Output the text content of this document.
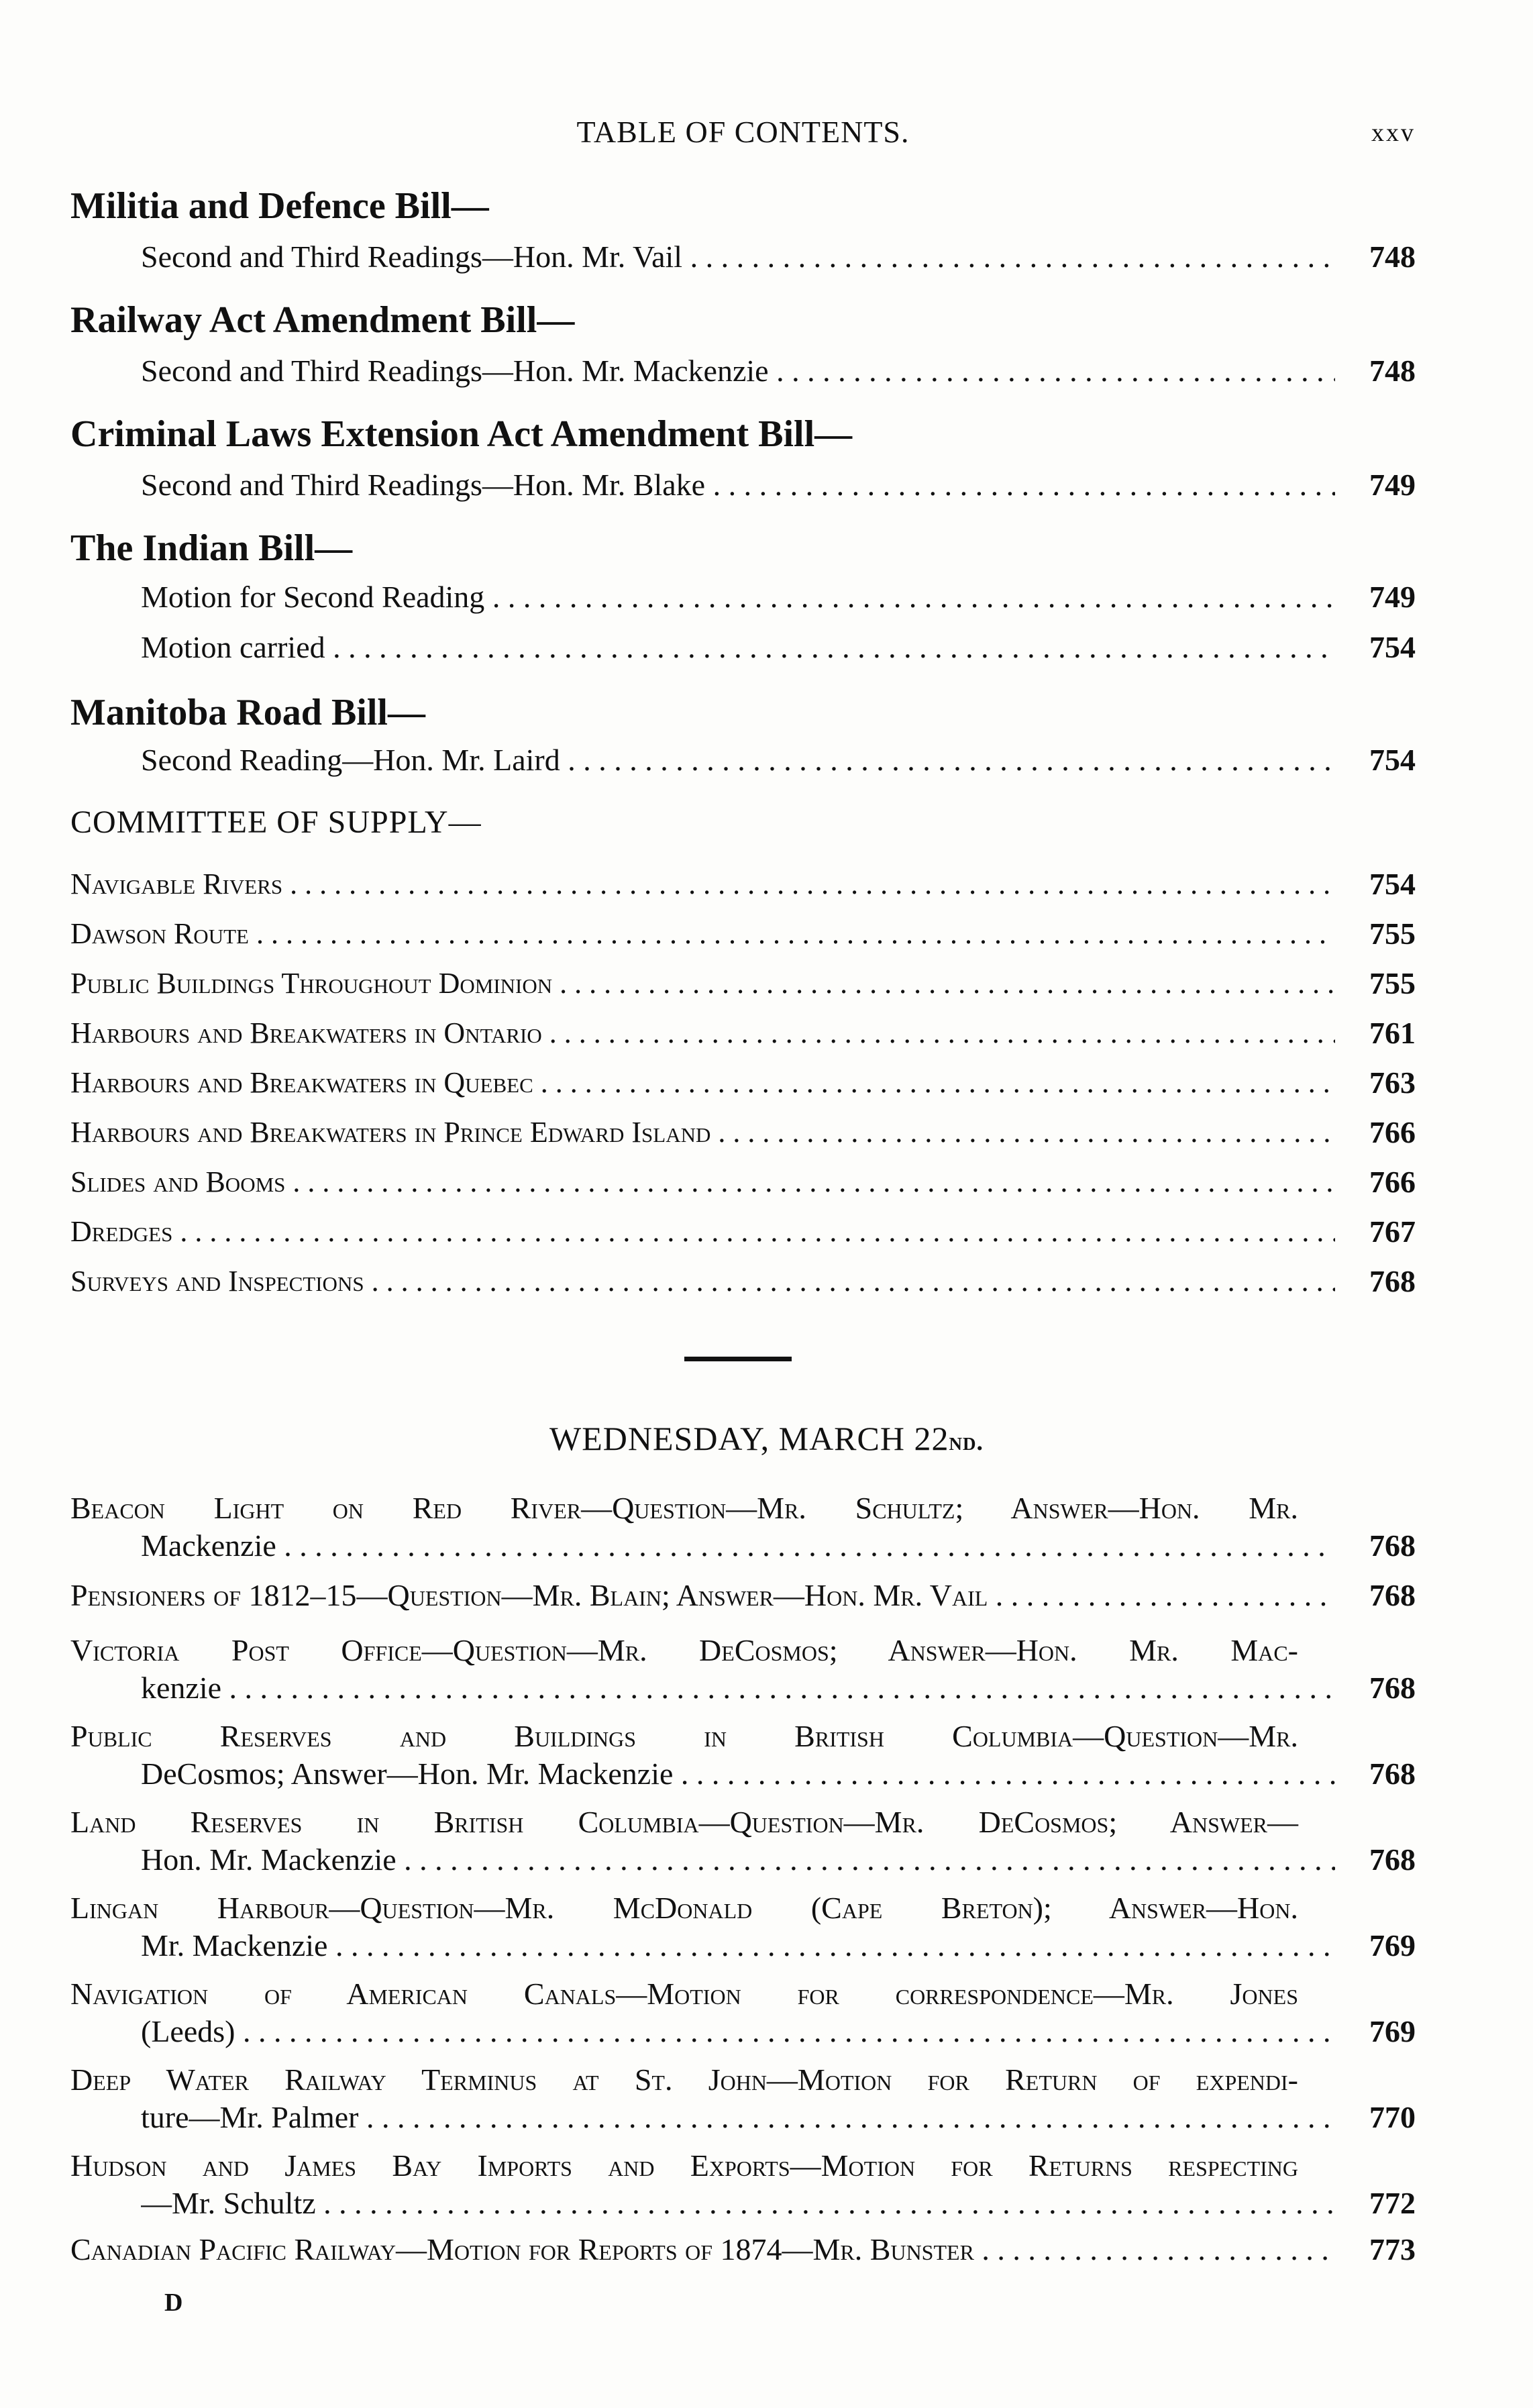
TABLE OF CONTENTS.	xxv
Militia and Defence Bill—
Second and Third Readings—Hon. Mr. Vail . . .	748
Railway Act Amendment Bill—
Second and Third Readings—Hon. Mr. Mackenzie . . .	748
Criminal Laws Extension Act Amendment Bill—
Second and Third Readings—Hon. Mr. Blake . . .	749
The Indian Bill—
Motion for Second Reading . . .	749
Motion carried . . .	754
Manitoba Road Bill—
Second Reading—Hon. Mr. Laird . . .	754
COMMITTEE OF SUPPLY—
Navigable Rivers . . .	754
Dawson Route . . .	755
Public Buildings Throughout Dominion . . .	755
Harbours and Breakwaters in Ontario . . .	761
Harbours and Breakwaters in Quebec . . .	763
Harbours and Breakwaters in Prince Edward Island . . .	766
Slides and Booms . . .	766
Dredges . . .	767
Surveys and Inspections . . .	768
WEDNESDAY, MARCH 22nd.
Beacon Light on Red River—Question—Mr. Schultz; Answer—Hon. Mr.
Mackenzie . . .	768
Pensioners of 1812–15—Question—Mr. Blain; Answer—Hon. Mr. Vail . . .	768
Victoria Post Office—Question—Mr. DeCosmos; Answer—Hon. Mr. Mac-
kenzie . . .	768
Public Reserves and Buildings in British Columbia—Question—Mr.
DeCosmos; Answer—Hon. Mr. Mackenzie . . .	768
Land Reserves in British Columbia—Question—Mr. DeCosmos; Answer—
Hon. Mr. Mackenzie . . .	768
Lingan Harbour—Question—Mr. McDonald (Cape Breton); Answer—Hon.
Mr. Mackenzie . . .	769
Navigation of American Canals—Motion for correspondence—Mr. Jones
(Leeds) . . .	769
Deep Water Railway Terminus at St. John—Motion for Return of expendi-
ture—Mr. Palmer . . .	770
Hudson and James Bay Imports and Exports—Motion for Returns respecting
—Mr. Schultz . . .	772
Canadian Pacific Railway—Motion for Reports of 1874—Mr. Bunster . . .	773
D
